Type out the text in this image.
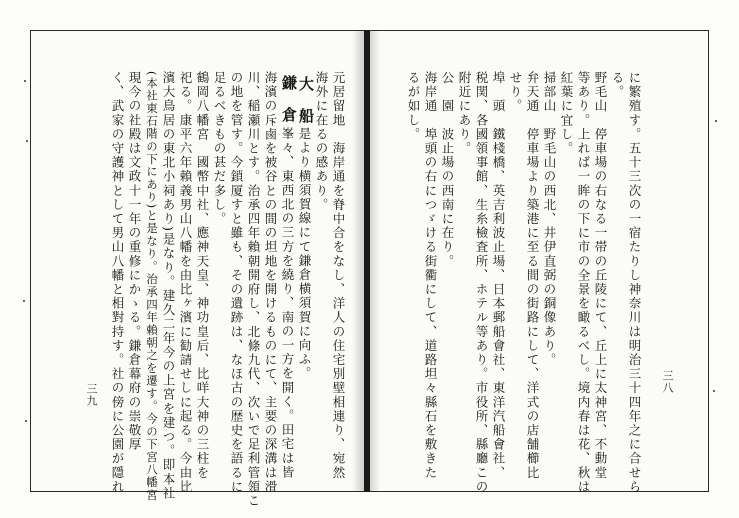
三九	元居留地　海岸通を脊中合をなし、洋人の住宅別壁相連り、宛然
海外に在るの感あり。
大　船
是より横須賀線にて鎌倉横須賀に向ふ。
鎌　倉
峯々、東西北の三方を繞り、南の一方を開く。田宅は皆
海濱の斥鹵を被谷との間の坦地を開けるものにて、主要の深溝は滑
川、稲瀬川とす。治承四年賴朝開府し、北條九代、次いで足利管領こ
の地を管す。今鎖厦すと雖も、その遺跡は、なほ古の歴史を語るに
足るべきもの甚だ多し。
鶴岡八幡宮　國幣中社、應神天皇、神功皇后、比咩大神の三柱を
祀る。康平六年賴義男山八幡を由比ヶ濱に勧請せしに起る。今由比
濱大鳥居の東北小祠あり)是なり。建久二年今の上宮を建つ。即本社
(本社東石階の下にあり)と是なり。治承四年賴朝之を遷す。今の下宮八幡宮
現今の社殿は文政十一年の重修にかゝる。鎌倉幕府の崇敬厚
く、武家の守護神として男山八幡と相對持す。社の傍に公園が隱れ	三八
に繁殖す。五十三次の一宿たりし神奈川は明治三十四年之に合せら
る。
野毛山　停車場の右なる一帯の丘陵にて、丘上に太神宮、不動堂
等あり。上れば一眸の下に市の全景を瞰るべし。境内春は花、秋は
紅葉に宜し。
掃部山　野毛山の西北、井伊直弼の銅像あり。
弁天通　停車場より築港に至る間の街路にして、洋式の店舗櫛比
せり。
埠　頭　鐵棧橋、英吉利波止場、日本郵船會社、東洋汽船會社、
税関、各國領事館、生糸檢査所、ホテル等あり。市役所、縣廳この
附近にあり。
公　園　波止場の西南に在り。
海岸通　埠頭の右につゞける街衢にして、道路坦々縣石を敷きた
るが如し。
